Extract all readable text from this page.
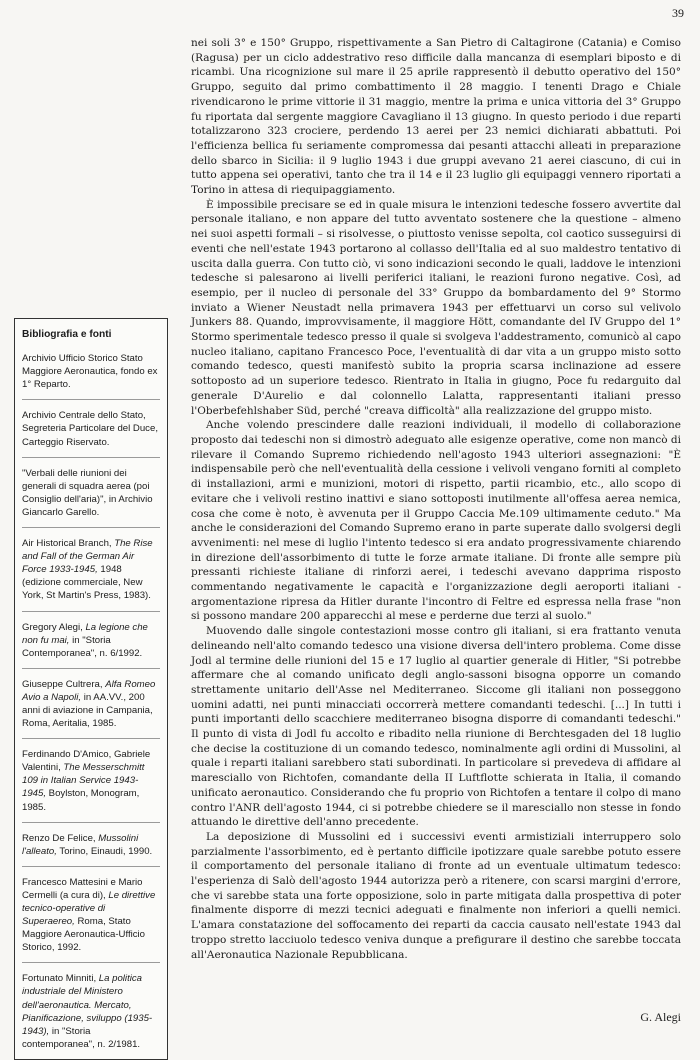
39
Bibliografia e fonti
Archivio Ufficio Storico Stato Maggiore Aeronautica, fondo ex 1° Reparto.
Archivio Centrale dello Stato, Segreteria Particolare del Duce, Carteggio Riservato.
"Verbali delle riunioni dei generali di squadra aerea (poi Consiglio dell'aria)", in Archivio Giancarlo Garello.
Air Historical Branch, The Rise and Fall of the German Air Force 1933-1945, 1948 (edizione commerciale, New York, St Martin's Press, 1983).
Gregory Alegi, La legione che non fu mai, in "Storia Contemporanea", n. 6/1992.
Giuseppe Cultrera, Alfa Romeo Avio a Napoli, in AA.VV., 200 anni di aviazione in Campania, Roma, Aeritalia, 1985.
Ferdinando D'Amico, Gabriele Valentini, The Messerschmitt 109 in Italian Service 1943-1945, Boylston, Monogram, 1985.
Renzo De Felice, Mussolini l'alleato, Torino, Einaudi, 1990.
Francesco Mattesini e Mario Cermelli (a cura di), Le direttive tecnico-operative di Superaereo, Roma, Stato Maggiore Aeronautica-Ufficio Storico, 1992.
Fortunato Minniti, La politica industriale del Ministero dell'aeronautica. Mercato, Pianificazione, sviluppo (1935-1943), in "Storia contemporanea", n. 2/1981.

nei soli 3° e 150° Gruppo, rispettivamente a San Pietro di Caltagirone (Catania) e Comiso (Ragusa) per un ciclo addestrativo reso difficile dalla mancanza di esemplari biposto e di ricambi. Una ricognizione sul mare il 25 aprile rappresentò il debutto operativo del 150° Gruppo, seguito dal primo combattimento il 28 maggio. I tenenti Drago e Chiale rivendicarono le prime vittorie il 31 maggio, mentre la prima e unica vittoria del 3° Gruppo fu riportata dal sergente maggiore Cavagliano il 13 giugno. In questo periodo i due reparti totalizzarono 323 crociere, perdendo 13 aerei per 23 nemici dichiarati abbattuti. Poi l'efficienza bellica fu seriamente compromessa dai pesanti attacchi alleati in preparazione dello sbarco in Sicilia: il 9 luglio 1943 i due gruppi avevano 21 aerei ciascuno, di cui in tutto appena sei operativi, tanto che tra il 14 e il 23 luglio gli equipaggi vennero riportati a Torino in attesa di riequipaggiamento.

È impossibile precisare se ed in quale misura le intenzioni tedesche fossero avvertite dal personale italiano, e non appare del tutto avventato sostenere che la questione – almeno nei suoi aspetti formali – si risolvesse, o piuttosto venisse sepolta, col caotico susseguirsi di eventi che nell'estate 1943 portarono al collasso dell'Italia ed al suo maldestro tentativo di uscita dalla guerra. Con tutto ciò, vi sono indicazioni secondo le quali, laddove le intenzioni tedesche si palesarono ai livelli periferici italiani, le reazioni furono negative. Così, ad esempio, per il nucleo di personale del 33° Gruppo da bombardamento del 9° Stormo inviato a Wiener Neustadt nella primavera 1943 per effettuarvi un corso sul velivolo Junkers 88. Quando, improvvisamente, il maggiore Hött, comandante del IV Gruppo del 1° Stormo sperimentale tedesco presso il quale si svolgeva l'addestramento, comunicò al capo nucleo italiano, capitano Francesco Poce, l'eventualità di dar vita a un gruppo misto sotto comando tedesco, questi manifestò subito la propria scarsa inclinazione ad essere sottoposto ad un superiore tedesco. Rientrato in Italia in giugno, Poce fu redarguito dal generale D'Aurelio e dal colonnello Lalatta, rappresentanti italiani presso l'Oberbefehlshaber Süd, perché "creava difficoltà" alla realizzazione del gruppo misto.

Anche volendo prescindere dalle reazioni individuali, il modello di collaborazione proposto dai tedeschi non si dimostrò adeguato alle esigenze operative, come non mancò di rilevare il Comando Supremo richiedendo nell'agosto 1943 ulteriori assegnazioni: "È indispensabile però che nell'eventualità della cessione i velivoli vengano forniti al completo di installazioni, armi e munizioni, motori di rispetto, partii ricambio, etc., allo scopo di evitare che i velivoli restino inattivi e siano sottoposti inutilmente all'offesa aerea nemica, cosa che come è noto, è avvenuta per il Gruppo Caccia Me.109 ultimamente ceduto." Ma anche le considerazioni del Comando Supremo erano in parte superate dallo svolgersi degli avvenimenti: nel mese di luglio l'intento tedesco si era andato progressivamente chiarendo in direzione dell'assorbimento di tutte le forze armate italiane. Di fronte alle sempre più pressanti richieste italiane di rinforzi aerei, i tedeschi avevano dapprima risposto commentando negativamente le capacità e l'organizzazione degli aeroporti italiani - argomentazione ripresa da Hitler durante l'incontro di Feltre ed espressa nella frase "non si possono mandare 200 apparecchi al mese e perderne due terzi al suolo."

Muovendo dalle singole contestazioni mosse contro gli italiani, si era frattanto venuta delineando nell'alto comando tedesco una visione diversa dell'intero problema. Come disse Jodl al termine delle riunioni del 15 e 17 luglio al quartier generale di Hitler, "Si potrebbe affermare che al comando unificato degli anglo-sassoni bisogna opporre un comando strettamente unitario dell'Asse nel Mediterraneo. Siccome gli italiani non posseggono uomini adatti, nei punti minacciati occorrerà mettere comandanti tedeschi. [...] In tutti i punti importanti dello scacchiere mediterraneo bisogna disporre di comandanti tedeschi." Il punto di vista di Jodl fu accolto e ribadito nella riunione di Berchtesgaden del 18 luglio che decise la costituzione di un comando tedesco, nominalmente agli ordini di Mussolini, al quale i reparti italiani sarebbero stati subordinati. In particolare si prevedeva di affidare al maresciallo von Richtofen, comandante della II Luftflotte schierata in Italia, il comando unificato aeronautico. Considerando che fu proprio von Richtofen a tentare il colpo di mano contro l'ANR dell'agosto 1944, ci si potrebbe chiedere se il maresciallo non stesse in fondo attuando le direttive dell'anno precedente.

La deposizione di Mussolini ed i successivi eventi armistiziali interruppero solo parzialmente l'assorbimento, ed è pertanto difficile ipotizzare quale sarebbe potuto essere il comportamento del personale italiano di fronte ad un eventuale ultimatum tedesco: l'esperienza di Salò dell'agosto 1944 autorizza però a ritenere, con scarsi margini d'errore, che vi sarebbe stata una forte opposizione, solo in parte mitigata dalla prospettiva di poter finalmente disporre di mezzi tecnici adeguati e finalmente non inferiori a quelli nemici. L'amara constatazione del soffocamento dei reparti da caccia causato nell'estate 1943 dal troppo stretto lacciuolo tedesco veniva dunque a prefigurare il destino che sarebbe toccata all'Aeronautica Nazionale Repubblicana.

G. Alegi
